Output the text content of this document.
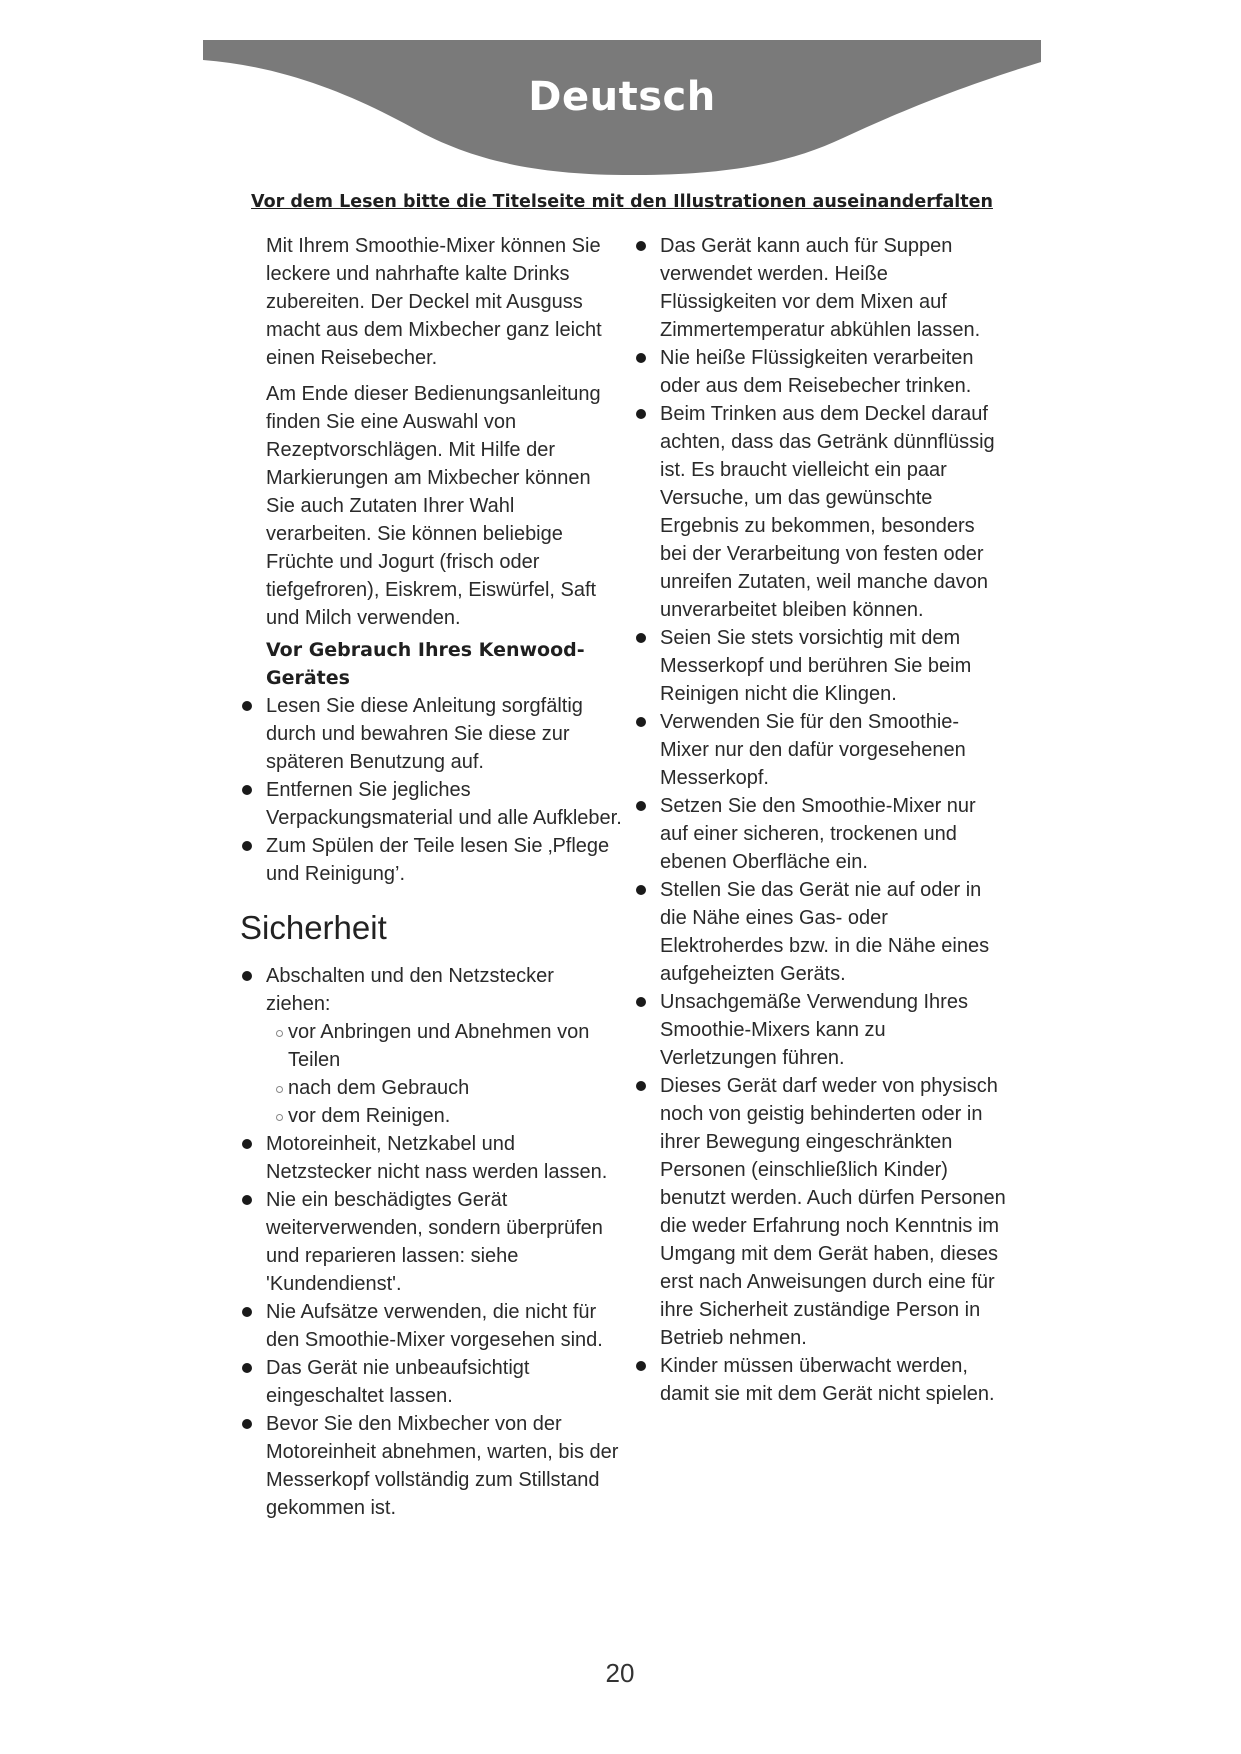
Deutsch
Vor dem Lesen bitte die Titelseite mit den Illustrationen auseinanderfalten

Mit Ihrem Smoothie-Mixer können Sie leckere und nahrhafte kalte Drinks zubereiten. Der Deckel mit Ausguss macht aus dem Mixbecher ganz leicht einen Reisebecher.

Am Ende dieser Bedienungsanleitung finden Sie eine Auswahl von Rezeptvorschlägen. Mit Hilfe der Markierungen am Mixbecher können Sie auch Zutaten Ihrer Wahl verarbeiten. Sie können beliebige Früchte und Jogurt (frisch oder tiefgefroren), Eiskrem, Eiswürfel, Saft und Milch verwenden.

Vor Gebrauch Ihres Kenwood-Gerätes
Lesen Sie diese Anleitung sorgfältig durch und bewahren Sie diese zur späteren Benutzung auf.
Entfernen Sie jegliches Verpackungsmaterial und alle Aufkleber.
Zum Spülen der Teile lesen Sie ‚Pflege und Reinigung’.
Sicherheit
Abschalten und den Netzstecker ziehen:
vor Anbringen und Abnehmen von Teilen
nach dem Gebrauch
vor dem Reinigen.
Motoreinheit, Netzkabel und Netzstecker nicht nass werden lassen.
Nie ein beschädigtes Gerät weiterverwenden, sondern überprüfen und reparieren lassen: siehe 'Kundendienst'.
Nie Aufsätze verwenden, die nicht für den Smoothie-Mixer vorgesehen sind.
Das Gerät nie unbeaufsichtigt eingeschaltet lassen.
Bevor Sie den Mixbecher von der Motoreinheit abnehmen, warten, bis der Messerkopf vollständig zum Stillstand gekommen ist.
Das Gerät kann auch für Suppen verwendet werden. Heiße Flüssigkeiten vor dem Mixen auf Zimmertemperatur abkühlen lassen.
Nie heiße Flüssigkeiten verarbeiten oder aus dem Reisebecher trinken.
Beim Trinken aus dem Deckel darauf achten, dass das Getränk dünnflüssig ist. Es braucht vielleicht ein paar Versuche, um das gewünschte Ergebnis zu bekommen, besonders bei der Verarbeitung von festen oder unreifen Zutaten, weil manche davon unverarbeitet bleiben können.
Seien Sie stets vorsichtig mit dem Messerkopf und berühren Sie beim Reinigen nicht die Klingen.
Verwenden Sie für den Smoothie-Mixer nur den dafür vorgesehenen Messerkopf.
Setzen Sie den Smoothie-Mixer nur auf einer sicheren, trockenen und ebenen Oberfläche ein.
Stellen Sie das Gerät nie auf oder in die Nähe eines Gas- oder Elektroherdes bzw. in die Nähe eines aufgeheizten Geräts.
Unsachgemäße Verwendung Ihres Smoothie-Mixers kann zu Verletzungen führen.
Dieses Gerät darf weder von physisch noch von geistig behinderten oder in ihrer Bewegung eingeschränkten Personen (einschließlich Kinder) benutzt werden. Auch dürfen Personen die weder Erfahrung noch Kenntnis im Umgang mit dem Gerät haben, dieses erst nach Anweisungen durch eine für ihre Sicherheit zuständige Person in Betrieb nehmen.
Kinder müssen überwacht werden, damit sie mit dem Gerät nicht spielen.
20
